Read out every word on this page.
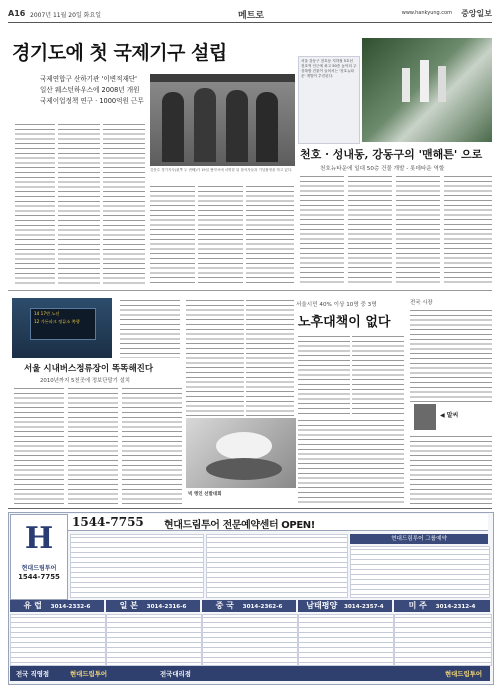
A16 2007년 11월 20일 화요일	메트로	www.hankyung.com 중앙일보
경기도에 첫 국제기구 설립
국제연합구 산하기관 '이변적재단'
일산 웨스턴하우스에 2008년 개원
국제이업정책 연구 · 1000억원 근무
김문수 경기지사(왼쪽 두 번째)가 19일 협약서에 서명한 뒤 참석자들과 기념촬영을 하고 있다.
서울 강동구 천호동 지하철 5호선 천호역 인근에 최고 50층 높이의 주상복합 건물이 들어서는 '천호뉴타운' 개발이 추진된다.
천호 · 성내동, 강동구의 '맨해튼' 으로
천호뉴타운에 일대 50층 건물 개발 - 롯데타운 역할
14 17번 노선
12 가든파크 정류소 쪽행
서울 시내버스정류장이 똑똑해진다
2010년까지 5천곳에 정보단말기 설치
서울시민 40% 이상 10명 중 3명
노후대책이 없다
빅 앵인 선발대회
전국 시장
◀ 말씨
H
현대드림투어
1544-7755
1544-7755 현대드림투어 전문예약센터 OPEN!
현대드림투어 그룹예약
유 럽 3014-2332-6	일 본 3014-2316-6	중 국 3014-2362-6	남태평양 3014-2357-4	미 주 3014-2312-4
전국 직영점	현대드림투어	전국대리점	현대드림투어
